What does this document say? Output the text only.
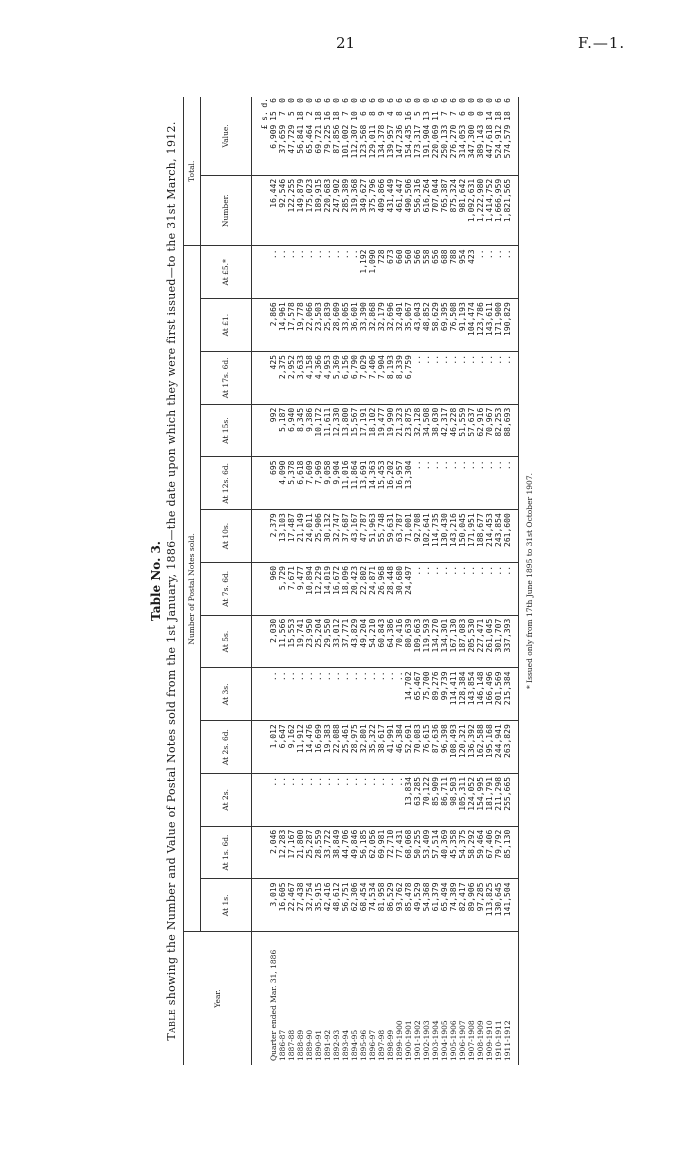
21	F.—1.
Table No. 3.
Table showing the Number and Value of Postal Notes sold from the 1st January, 1886—the date upon which they were first issued—to the 31st March, 1912.	Year.	Number of Postal Notes sold.													Total.			
	At 1s.	At 1s. 6d.	At 2s.	At 2s. 6d.	At 3s.	At 5s.	At 7s. 6d.	At 10s.	At 12s. 6d.	At 15s.	At 17s. 6d.	At £1.	At £5.*	Number.	Value.		
															£	s.	d.
Quarter ended Mar. 31, 1886	3,019	2,046	..	1,012	..	2,030	960	2,379	695	992	425	2,866	..	16,442	6,909	15	6
1886-87	16,605	12,283	..	6,647	..	11,566	5,729	13,103	4,090	5,187	2,375	14,961	..	92,546	37,659	7	0
1887-88	22,467	17,167	..	9,162	..	15,553	7,671	17,487	5,378	6,940	2,952	17,578	..	122,255	47,729	5	0
1888-89	27,438	21,800	..	11,912	..	19,741	9,477	21,149	6,618	8,345	3,633	19,778	..	149,879	56,841	18	0
1889-90	32,754	25,287	..	14,476	..	23,950	10,894	24,011	7,609	9,386	4,158	22,066	..	175,023	65,464	2	0
1890-91	35,915	28,559	..	16,699	..	25,204	12,229	25,906	7,969	10,172	4,366	23,503	..	189,915	69,721	18	6
1891-92	42,416	33,722	..	19,383	..	29,550	14,019	30,132	9,058	11,611	4,953	25,839	..	220,683	79,225	16	6
1892-93	48,612	38,849	..	22,088	..	33,012	16,672	32,747	9,904	12,330	5,369	28,609	..	247,902	87,856	18	0
1893-94	56,751	44,706	..	25,461	..	37,771	18,096	37,687	11,016	13,800	6,156	33,065	..	285,389	101,002	7	6
1894-95	62,306	49,846	..	28,975	..	43,829	20,423	43,167	11,864	15,567	6,790	36,601	..	319,368	112,307	10	0
1895-96	68,454	56,185	..	32,801	..	49,204	22,802	47,787	13,691	17,191	7,029	33,390	1,192	349,627	123,568	6	6
1896-97	74,534	62,056	..	35,322	..	54,210	24,871	51,963	14,363	18,102	7,406	32,868	1,090	375,796	129,011	8	6
1897-98	81,958	69,981	..	38,617	..	60,843	26,968	55,748	15,453	19,477	7,904	32,179	728	409,866	134,378	9	0
1898-99	86,529	72,710	..	41,991	..	64,386	28,448	59,631	16,202	19,990	8,193	32,696	673	431,449	139,957	4	6
1899-1900	93,762	77,431	..	46,384	..	70,416	30,680	63,787	16,957	21,323	8,339	32,491	660	461,447	147,236	8	6
1900-1901	85,478	68,068	13,834	52,691	14,702	80,639	24,497	71,001	13,304	23,875	6,759	35,067	560	490,506	154,435	16	6
1901-1902	49,529	50,255	63,285	70,083	65,467	109,663	..	92,708	..	32,128	..	43,043	566	556,316	173,317	5	0
1902-1903	54,368	53,409	70,122	76,615	75,700	119,593	..	102,641	..	34,508	..	48,852	558	616,264	191,904	13	0
1903-1904	61,379	57,514	85,909	87,636	89,276	134,270	..	114,735	..	38,030	..	58,629	656	707,044	220,069	11	6
1904-1905	65,494	40,369	86,711	96,398	99,739	134,301	..	130,430	..	42,317	..	69,395	688	765,387	250,133	7	6
1905-1906	74,389	45,358	98,503	108,493	114,411	167,130	..	143,216	..	46,228	..	76,508	788	875,324	276,270	7	6
1906-1907	82,417	54,375	105,311	120,321	128,384	187,083	..	150,045	..	51,559	..	91,193	954	981,642	314,053	6	0
1907-1908	89,906	58,292	124,052	136,392	143,854	205,530	..	171,951	..	57,637	..	104,474	423	1,092,631	347,300	0	0
1908-1909	97,285	59,464	154,995	162,588	146,148	227,471	..	188,677	..	62,916	..	123,786	..	1,222,980	389,143	0	0
1909-1910	113,825	67,406	181,791	195,168	166,496	261,045	..	214,453	..	70,967	..	143,611	..	1,414,752	447,618	14	0
1910-1911	130,645	79,792	211,298	244,941	201,569	301,707	..	243,854	..	82,253	..	171,900	..	1,666,959	524,912	18	6
1911-1912	141,504	85,130	255,665	263,829	215,384	337,393	..	261,600	..	88,693	..	190,829	..	1,821,565	574,579	18	6
* Issued only from 17th June 1895 to 31st October 1907.
